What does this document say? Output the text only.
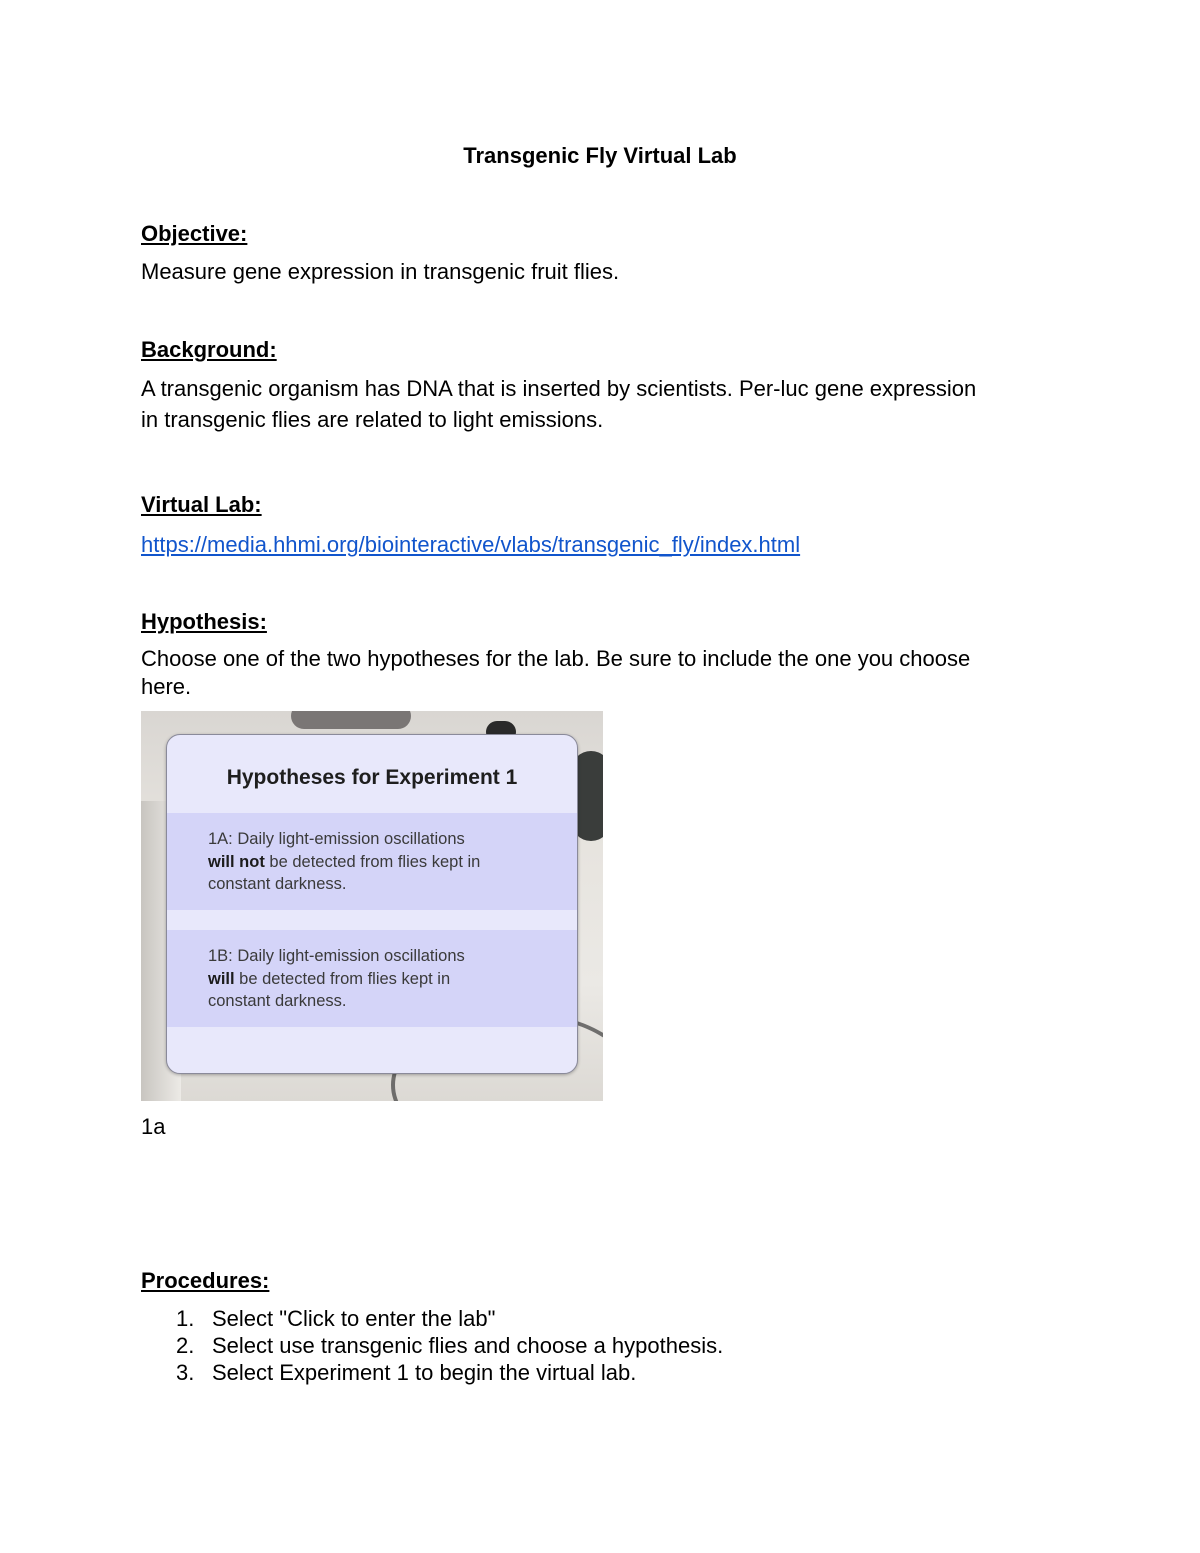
Transgenic Fly Virtual Lab
Objective:
Measure gene expression in transgenic fruit flies.
Background:
A transgenic organism has DNA that is inserted by scientists. Per-luc gene expression
in transgenic flies are related to light emissions.
Virtual Lab:
https://media.hhmi.org/biointeractive/vlabs/transgenic_fly/index.html
Hypothesis:
Choose one of the two hypotheses for the lab. Be sure to include the one you choose
here.
Hypotheses for Experiment 1
1A: Daily light-emission oscillations
will not be detected from flies kept in
constant darkness.
1B: Daily light-emission oscillations
will be detected from flies kept in
constant darkness.
1a
Procedures:
1. Select "Click to enter the lab"
2. Select use transgenic flies and choose a hypothesis.
3. Select Experiment 1 to begin the virtual lab.
